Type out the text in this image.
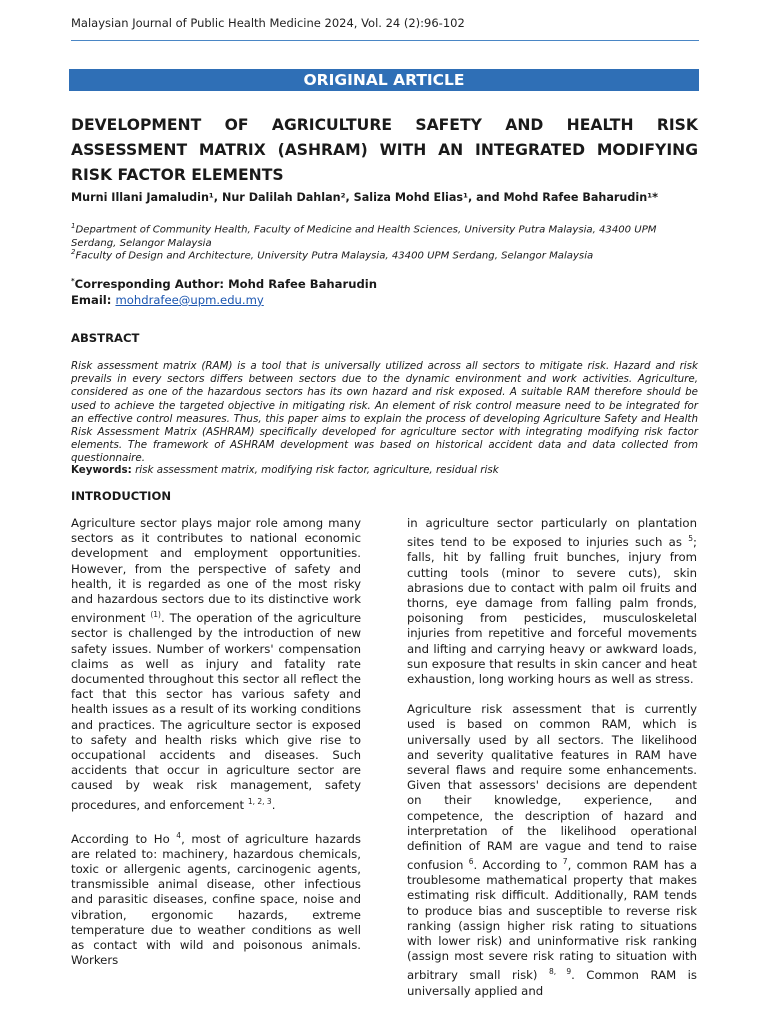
Malaysian Journal of Public Health Medicine 2024, Vol. 24 (2):96-102
ORIGINAL ARTICLE
DEVELOPMENT OF AGRICULTURE SAFETY AND HEALTH RISK ASSESSMENT MATRIX (ASHRAM) WITH AN INTEGRATED MODIFYING RISK FACTOR ELEMENTS
Murni Illani Jamaludin¹, Nur Dalilah Dahlan², Saliza Mohd Elias¹, and Mohd Rafee Baharudin¹*

$^1$Department of Community Health, Faculty of Medicine and Health Sciences, University Putra Malaysia, 43400 UPM Serdang, Selangor Malaysia

$^2$Faculty of Design and Architecture, University Putra Malaysia, 43400 UPM Serdang, Selangor Malaysia

*Corresponding Author: Mohd Rafee Baharudin
Email: mohdrafee@upm.edu.my
ABSTRACT

Risk assessment matrix (RAM) is a tool that is universally utilized across all sectors to mitigate risk. Hazard and risk prevails in every sectors differs between sectors due to the dynamic environment and work activities. Agriculture, considered as one of the hazardous sectors has its own hazard and risk exposed. A suitable RAM therefore should be used to achieve the targeted objective in mitigating risk. An element of risk control measure need to be integrated for an effective control measures. Thus, this paper aims to explain the process of developing Agriculture Safety and Health Risk Assessment Matrix (ASHRAM) specifically developed for agriculture sector with integrating modifying risk factor elements. The framework of ASHRAM development was based on historical accident data and data collected from questionnaire.

Keywords: risk assessment matrix, modifying risk factor, agriculture, residual risk

INTRODUCTION

Agriculture sector plays major role among many sectors as it contributes to national economic development and employment opportunities. However, from the perspective of safety and health, it is regarded as one of the most risky and hazardous sectors due to its distinctive work environment $^{(1)}$. The operation of the agriculture sector is challenged by the introduction of new safety issues. Number of workers' compensation claims as well as injury and fatality rate documented throughout this sector all reflect the fact that this sector has various safety and health issues as a result of its working conditions and practices. The agriculture sector is exposed to safety and health risks which give rise to occupational accidents and diseases. Such accidents that occur in agriculture sector are caused by weak risk management, safety procedures, and enforcement $^{1, 2, 3}$.

According to Ho $^4$, most of agriculture hazards are related to: machinery, hazardous chemicals, toxic or allergenic agents, carcinogenic agents, transmissible animal disease, other infectious and parasitic diseases, confine space, noise and vibration, ergonomic hazards, extreme temperature due to weather conditions as well as contact with wild and poisonous animals. Workers

in agriculture sector particularly on plantation sites tend to be exposed to injuries such as $^5$; falls, hit by falling fruit bunches, injury from cutting tools (minor to severe cuts), skin abrasions due to contact with palm oil fruits and thorns, eye damage from falling palm fronds, poisoning from pesticides, musculoskeletal injuries from repetitive and forceful movements and lifting and carrying heavy or awkward loads, sun exposure that results in skin cancer and heat exhaustion, long working hours as well as stress.

Agriculture risk assessment that is currently used is based on common RAM, which is universally used by all sectors. The likelihood and severity qualitative features in RAM have several flaws and require some enhancements. Given that assessors' decisions are dependent on their knowledge, experience, and competence, the description of hazard and interpretation of the likelihood operational definition of RAM are vague and tend to raise confusion $^6$. According to $^7$, common RAM has a troublesome mathematical property that makes estimating risk difficult. Additionally, RAM tends to produce bias and susceptible to reverse risk ranking (assign higher risk rating to situations with lower risk) and uninformative risk ranking (assign most severe risk rating to situation with arbitrary small risk) $^{8, 9}$. Common RAM is universally applied and
